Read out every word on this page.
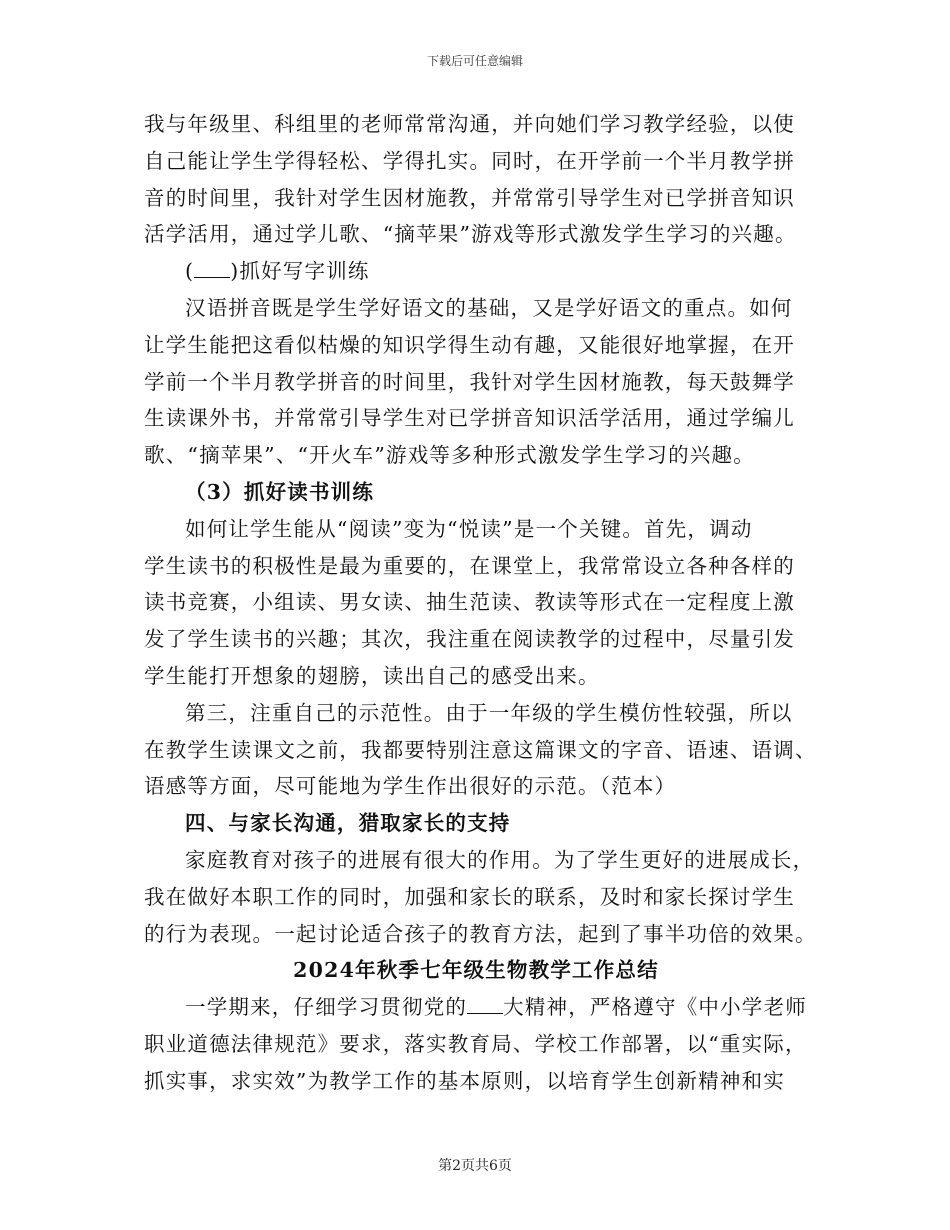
下载后可任意编辑
我与年级里、科组里的老师常常沟通，并向她们学习教学经验，以使
自己能让学生学得轻松、学得扎实。同时，在开学前一个半月教学拼
音的时间里，我针对学生因材施教，并常常引导学生对已学拼音知识
活学活用，通过学儿歌、“摘苹果”游戏等形式激发学生学习的兴趣。
( )抓好写字训练
汉语拼音既是学生学好语文的基础，又是学好语文的重点。如何
让学生能把这看似枯燥的知识学得生动有趣，又能很好地掌握，在开
学前一个半月教学拼音的时间里，我针对学生因材施教，每天鼓舞学
生读课外书，并常常引导学生对已学拼音知识活学活用，通过学编儿
歌、“摘苹果”、“开火车”游戏等多种形式激发学生学习的兴趣。
（3）抓好读书训练
如何让学生能从“阅读”变为“悦读”是一个关键。首先，调动
学生读书的积极性是最为重要的，在课堂上，我常常设立各种各样的
读书竞赛，小组读、男女读、抽生范读、教读等形式在一定程度上激
发了学生读书的兴趣；其次，我注重在阅读教学的过程中，尽量引发
学生能打开想象的翅膀，读出自己的感受出来。
第三，注重自己的示范性。由于一年级的学生模仿性较强，所以
在教学生读课文之前，我都要特别注意这篇课文的字音、语速、语调、
语感等方面，尽可能地为学生作出很好的示范。（范本）
四、与家长沟通，猎取家长的支持
家庭教育对孩子的进展有很大的作用。为了学生更好的进展成长，
我在做好本职工作的同时，加强和家长的联系，及时和家长探讨学生
的行为表现。一起讨论适合孩子的教育方法，起到了事半功倍的效果。
2024年秋季七年级生物教学工作总结
一学期来，仔细学习贯彻党的 大精神，严格遵守《中小学老师
职业道德法律规范》要求，落实教育局、学校工作部署，以“重实际，
抓实事，求实效”为教学工作的基本原则，以培育学生创新精神和实
第2页共6页
